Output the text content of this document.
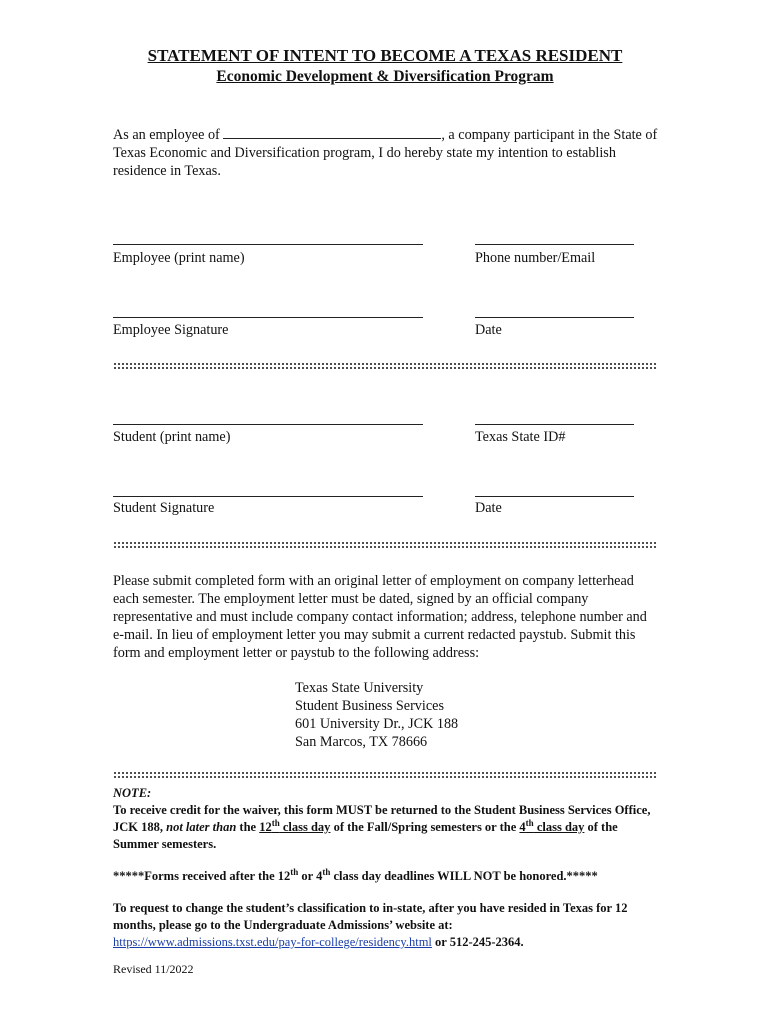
STATEMENT OF INTENT TO BECOME A TEXAS RESIDENT
Economic Development & Diversification Program
As an employee of	, a company participant in the State of Texas Economic and Diversification program, I do hereby state my intention to establish residence in Texas.
Employee (print name)	Phone number/Email
Employee Signature	Date
Student (print name)	Texas State ID#
Student Signature	Date
Please submit completed form with an original letter of employment on company letterhead each semester. The employment letter must be dated, signed by an official company representative and must include company contact information; address, telephone number and e-mail. In lieu of employment letter you may submit a current redacted paystub. Submit this form and employment letter or paystub to the following address:
Texas State University
Student Business Services
601 University Dr., JCK 188
San Marcos, TX 78666
NOTE:
To receive credit for the waiver, this form MUST be returned to the Student Business Services Office, JCK 188, not later than the 12th class day of the Fall/Spring semesters or the 4th class day of the Summer semesters.
*****Forms received after the 12th or 4th class day deadlines WILL NOT be honored.*****
To request to change the student’s classification to in-state, after you have resided in Texas for 12 months, please go to the Undergraduate Admissions’ website at:
https://www.admissions.txst.edu/pay-for-college/residency.html or 512-245-2364.
Revised 11/2022
